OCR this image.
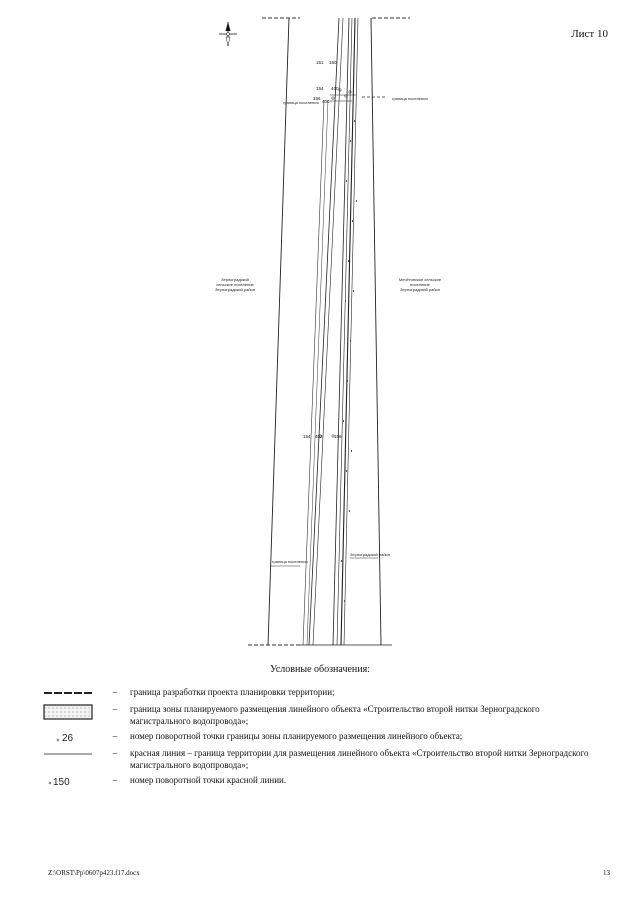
Лист 10
151 150
154 400
156
400
154 402	156
Зерноградский
сельское поселение
Зерноградский район
Мечётинское сельское
поселение
Зерноградский район
граница поселения
граница поселения
граница поселения
Зерноградский район
Условные обозначения:
–	граница разработки проекта планировки территории;
–	граница зоны планируемого размещения линейного объекта «Строительство второй нитки Зерноградского магистрального водопровода»;
26	–	номер поворотной точки границы зоны планируемого размещения линейного объекта;
–	красная линия – граница территории для размещения линейного объекта «Строительство второй нитки Зерноградского магистрального водопровода»;
150	–	номер поворотной точки красной линии.
Z:\ORST\Pp\0607p423.f17.docx	13
